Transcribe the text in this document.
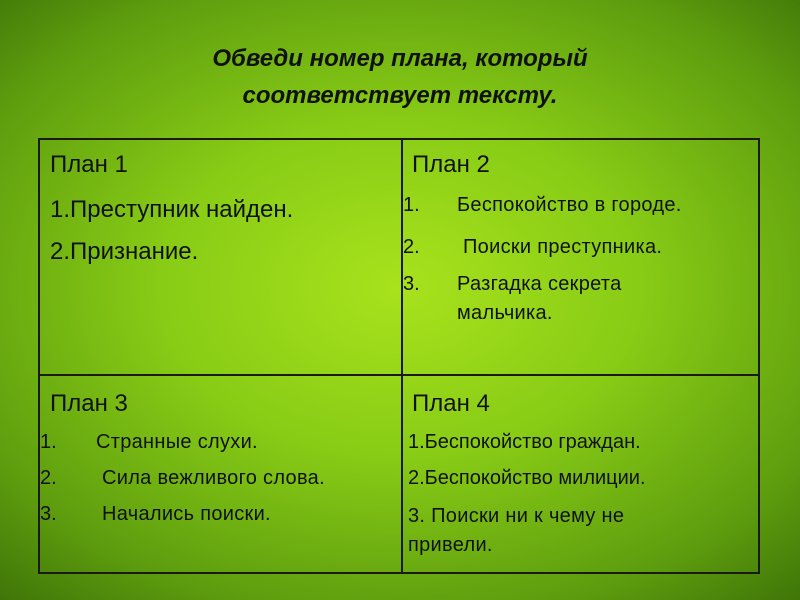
Обведи номер плана, который
соответствует тексту.
План 1
1.Преступник найден.
2.Признание.
План 2
1. Беспокойство в городе.
2. Поиски преступника.
3. Разгадка секрета мальчика.
План 3
1. Странные слухи.
2. Сила вежливого слова.
3. Начались поиски.
План 4
1.Беспокойство граждан.
2.Беспокойство милиции.
3. Поиски ни к чему не привели.
